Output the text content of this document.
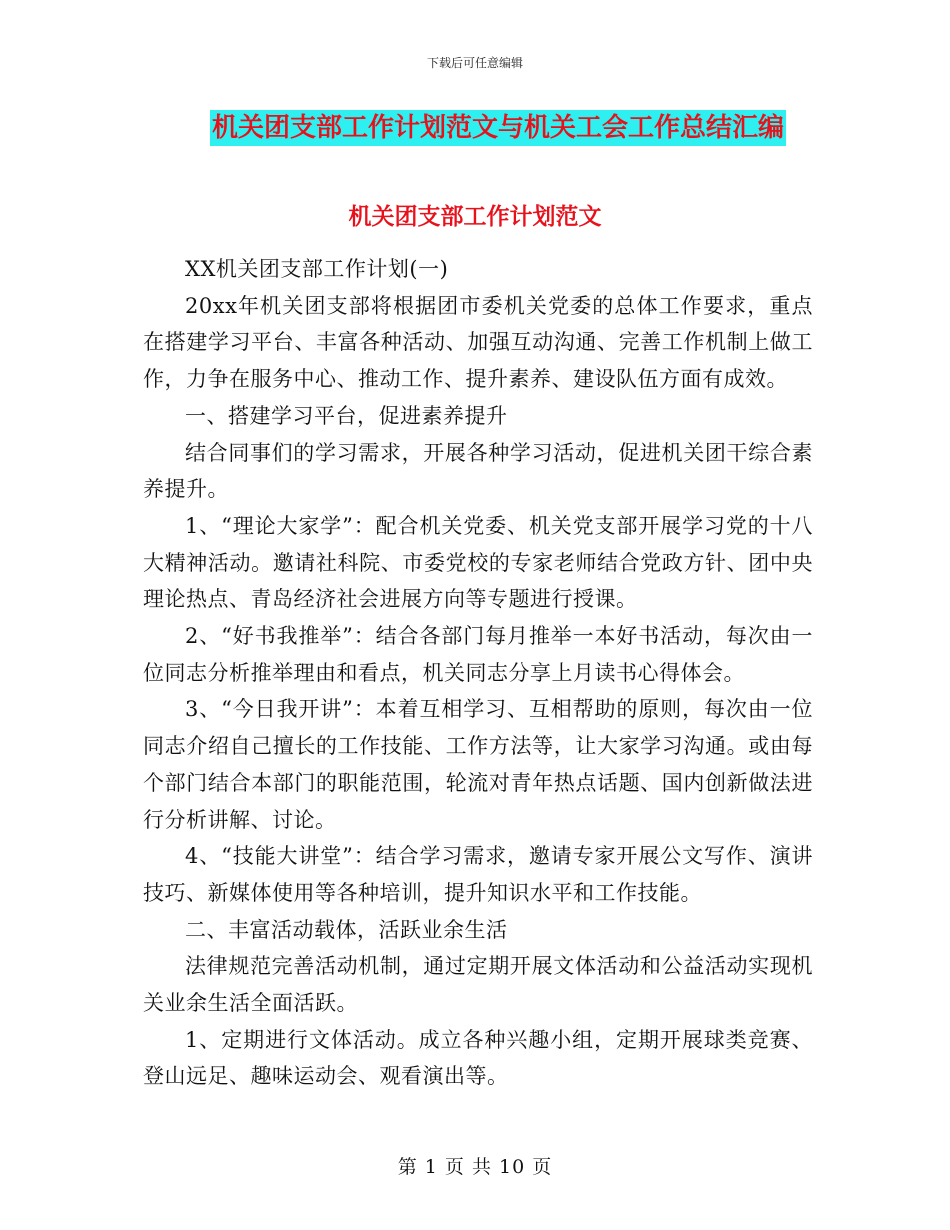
下载后可任意编辑
机关团支部工作计划范文与机关工会工作总结汇编
机关团支部工作计划范文

XX机关团支部工作计划(一)

20xx年机关团支部将根据团市委机关党委的总体工作要求，重点在搭建学习平台、丰富各种活动、加强互动沟通、完善工作机制上做工作，力争在服务中心、推动工作、提升素养、建设队伍方面有成效。

一、搭建学习平台，促进素养提升

结合同事们的学习需求，开展各种学习活动，促进机关团干综合素养提升。

1、“理论大家学”：配合机关党委、机关党支部开展学习党的十八大精神活动。邀请社科院、市委党校的专家老师结合党政方针、团中央理论热点、青岛经济社会进展方向等专题进行授课。

2、“好书我推举”：结合各部门每月推举一本好书活动，每次由一位同志分析推举理由和看点，机关同志分享上月读书心得体会。

3、“今日我开讲”：本着互相学习、互相帮助的原则，每次由一位同志介绍自己擅长的工作技能、工作方法等，让大家学习沟通。或由每个部门结合本部门的职能范围，轮流对青年热点话题、国内创新做法进行分析讲解、讨论。

4、“技能大讲堂”：结合学习需求，邀请专家开展公文写作、演讲技巧、新媒体使用等各种培训，提升知识水平和工作技能。

二、丰富活动载体，活跃业余生活

法律规范完善活动机制，通过定期开展文体活动和公益活动实现机关业余生活全面活跃。

1、定期进行文体活动。成立各种兴趣小组，定期开展球类竞赛、登山远足、趣味运动会、观看演出等。

第 1 页 共 10 页
